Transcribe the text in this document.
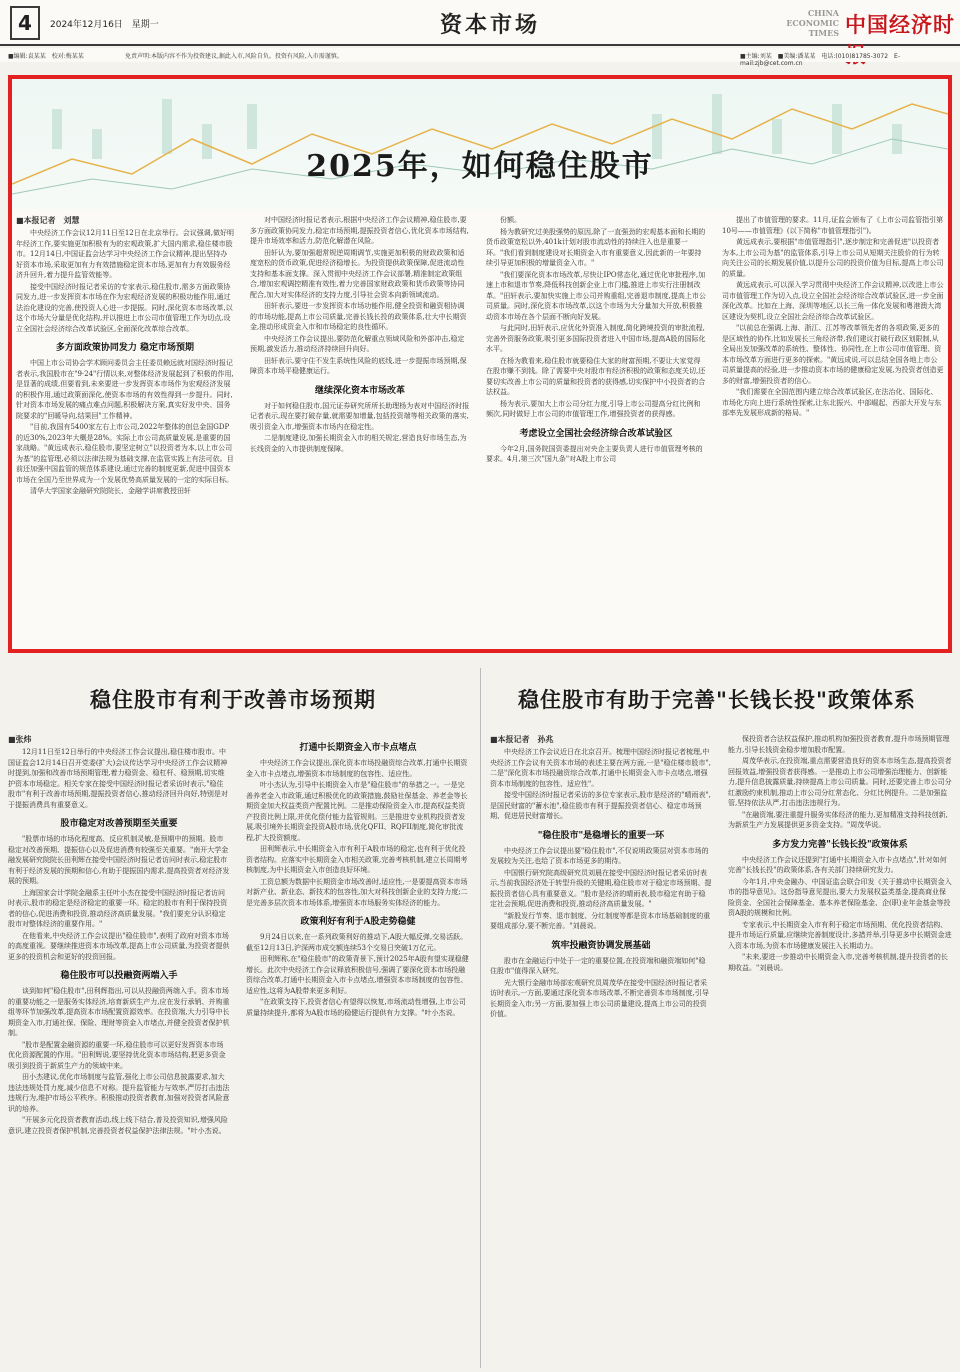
4	2024年12月16日　星期一	资本市场	CHINA ECONOMIC TIMES 中国经济时
■编辑:袁某某　校对:梅某某	免责声明:本版内容不作为投资建议,据此入市,风险自负。投资有风险,入市需谨慎。	■主编:刘某　■美编:潘某某　电话:(010)81785-3072　E-mail:zjb@cet.com.cn
2025年，如何稳住股市
■本报记者　刘慧

中央经济工作会议12月11日至12日在北京举行。会议强调,做好明年经济工作,要实施更加积极有为的宏观政策,扩大国内需求,稳住楼市股市。12月14日,中国证监会达学习中央经济工作会议精神,提出坚持办好资本市场,采取更加有力有效措施稳定资本市场,更加有力有效服务经济升回升,着力提升监管效能等。

接受中国经济时报记者采访的专家表示,稳住股市,需多方面政策协同发力,进一步发挥资本市场在作为宏观经济发展的积极功能作用,通过法治化建设的完善,使投资人心进一步提振。同时,深化资本市场改革,以这个市场大分量是优化结构,并以推进上市公司市值管理工作为切点,设立全国社会经济综合改革试验区,全面深化改革综合改革。

多方面政策协同发力 稳定市场预期

中国上市公司协会学术顾问委员会主任委员赖远就对国经济时报记者表示,我国股市在"9·24"行情以来,对整体经济发展起到了积极的作用,是显著的成绩,但要看到,未来要进一步发挥资本市场作为宏观经济发展的积极作用,通过政策面深化,使资本市场的有效性得到一步提升。同时,针对资本市场发展的痛点难点问题,积极解决方案,真实好发中央、国务院要求的"回暖导向,结果回"工作精神。

"目前,我国有5400家左右上市公司,2022年整体的创总金国GDP的近30%,2023年大概是28%。实际上市公司高质量发展,是重要的国家战略。"黄远成表示,稳住股市,要坚定树立"以投资者为本,以上市公司为基"的监管理,必须以法律法规为基础支撑,在监管实践上有法可依。目前还加强中国监管的规范体系建设,通过完善的制度更新,促进中国资本市场在全国乃至世界成为一个发展优势高质量发展的一定的实际目标。

清华大学国家金融研究院院长、金融学讲席教授田轩

对中国经济时报记者表示,根据中央经济工作会议精神,稳住股市,要多方面政策协同发力,稳定市场预期,提振投资者信心,优化资本市场结构,提升市场效率和活力,防范化解潜在风险。

田轩认为,要加强超常规逆周期调节,实施更加积极的财政政策和适度宽松的货币政策,促进经济稳增长。为投资提供政策保障,促进流动性支持和基本面支撑。深入贯彻中央经济工作会议部署,精准制定政策组合,增加宏观调控精准有效性,着力完善国家财政政策和货币政策等协同配合,加大对实体经济的支持力度,引导社会资本向新领域流动。

田轩表示,要进一步发挥资本市场功能作用,健全投资和融资相协调的市场功能,提高上市公司质量,完善长钱长投的政策体系,壮大中长期资金,推动形成资金入市和市场稳定的良性循环。

中央经济工作会议提出,要防范化解重点领域风险和外部冲击,稳定预期,激发活力,推动经济持续回升向好。

田轩表示,要守住不发生系统性风险的底线,进一步提振市场预期,保障资本市场平稳健康运行。

继续深化资本市场改革

对于如何稳住股市,国元证券研究所所长助理杨为表对中国经济时报记者表示,现在要打破存量,就需要加增量,包括投资端等相关政策的落实,吸引资金入市,增强资本市场内在稳定性。

二是制度建设,加强长期资金入市的相关规定,营造良好市场生态,为长线资金的入市提供制度保障。

份额。

杨为教研究过美股强势的原因,除了一直强劲的宏观基本面和长期的货币政策宽松以外,401k计划对股市流动性的持续注入也是重要一环。"我们看到制度建设对长期资金入市有重要意义,因此新的一年要持续引导更加积极的增量资金入市。"

"我们要深化资本市场改革,尽快让IPO常态化,通过优化审批程序,加速上市和退市节奏,降低科技创新企业上市门槛,推进上市实行注册制改革。"田轩表示,要加快实施上市公司并购重组,完善退市制度,提高上市公司质量。同时,深化资本市场改革,以这个市场为大分量加大开放,积极推动资本市场在各个层面不断向好发展。

与此同时,田轩表示,应优化外资准入制度,简化跨境投资的审批流程,完善外资服务政策,吸引更多国际投资者进入中国市场,提高A股的国际化水平。

在杨为教看来,稳住股市就要稳住大家的财富预期,不要让大家觉得在股市赚不到钱。除了需要中央对股市有经济积极的政策和态度关切,还要切实改善上市公司的质量和投资者的获得感,切实保护中小投资者的合法权益。

杨为表示,要加大上市公司分红力度,引导上市公司提高分红比例和频次,同时做好上市公司的市值管理工作,增强投资者的获得感。

考虑设立全国社会经济综合改革试验区

今年2月,国务院国资委提出对央企主要负责人进行市值管理考核的要求。4月,第三次"国九条"对A股上市公司

提出了市值管理的要求。11月,证监会颁布了《上市公司监管指引第10号——市值管理》(以下简称"市值管理指引")。

黄远成表示,要根据"市值管理指引",逐步制定和完善促进"以投资者为本,上市公司为基"的监管体系,引导上市公司从短期关注股价的行为转向关注公司的长期发展价值,以提升公司的投资价值为目标,提高上市公司的质量。

黄远成表示,可以深入学习贯彻中央经济工作会议精神,以改进上市公司市值管理工作为切入点,设立全国社会经济综合改革试验区,进一步全面深化改革。比如在上海、深圳等地区,以长三角一体化发展和粤港澳大湾区建设为契机,设立全国社会经济综合改革试验区。

"以前总在强调,上海、浙江、江苏等改革领先者的各项政策,更多的是区域性的协作,比如发展长三角经济带,我们建议打破行政区划限制,从全局出发加强改革的系统性、整体性、协同性,在上市公司市值管理、资本市场改革方面进行更多的探索。"黄远成说,可以总结全国各地上市公司质量提高的经验,进一步推动资本市场的健康稳定发展,为投资者创造更多的财富,增强投资者的信心。

"我们需要在全国范围内建立综合改革试验区,在法治化、国际化、市场化方向上进行系统性探索,让东北振兴、中部崛起、西部大开发与东部率先发展形成新的格局。"

稳住股市有利于改善市场预期
■张炜

12月11日至12日举行的中央经济工作会议提出,稳住楼市股市。中国证监会12月14日召开党委(扩大)会议传达学习中央经济工作会议精神时提到,加强和改善市场预期管理,着力稳资金、稳杠杆、稳预期,切实维护资本市场稳定。相关专家在接受中国经济时报记者采访时表示,"稳住股市"有利于改善市场预期,提振投资者信心,推动经济回升向好,特别是对于提振消费具有重要意义。

股市稳定对改善预期至关重要

"股票市场的市场化程度高、反应机制灵敏,是预期中的预期。股市稳定对改善预期、提振信心以及促进消费有较强至关重要。"南开大学金融发展研究院院长田利辉在接受中国经济时报记者访问时表示,稳定股市有利于经济发展的预期和信心,有助于提振国内需求,提高投资者对经济发展的预期。

上海国家会计学院金融系主任叶小杰在接受中国经济时报记者访问时表示,股市的稳定是经济稳定的重要一环。稳定的股市有利于保持投资者的信心,促进消费和投资,推动经济高质量发展。"我们要充分认识稳定股市对整体经济的重要作用。"

在他看来,中央经济工作会议提出"稳住股市",表明了政府对资本市场的高度重视。要继续推进资本市场改革,提高上市公司质量,为投资者提供更多的投资机会和更好的投资回报。

稳住股市可以投融资两端入手

谈到如何"稳住股市",田利辉指出,可以从投融资两端入手。资本市场的重要功能之一是服务实体经济,培育新质生产力,应在发行承销、并购重组等环节加强改革,提高资本市场配置资源效率。在投资端,大力引导中长期资金入市,打通社保、保险、理财等资金入市堵点,并健全投资者保护机制。

"股市是配置金融资源的重要一环,稳住股市可以更好发挥资本市场优化资源配置的作用。"田利辉说,要坚持优化资本市场结构,把更多资金吸引到投资于新质生产力的领域中来。

田小杰建议,优化市场制度与监管,强化上市公司信息披露要求,加大违法违规处罚力度,减少信息不对称。提升监管能力与效率,严厉打击违法违规行为,维护市场公平秩序。积极推动投资者教育,加强对投资者风险意识的培养。

"开展多元化投资者教育活动,线上线下结合,普及投资知识,增强风险意识,建立投资者保护机制,完善投资者权益保护法律法规。"叶小杰说。

打通中长期资金入市卡点堵点

中央经济工作会议提出,深化资本市场投融资综合改革,打通中长期资金入市卡点堵点,增强资本市场制度的包容性、适应性。

叶小杰认为,引导中长期资金入市是"稳住股市"的举措之一。一是完善养老金入市政策,通过积极优化的政策措施,鼓励社保基金、养老金等长期资金加大权益类资产配置比例。二是推动保险资金入市,提高权益类资产投资比例上限,并优化偿付能力监管规则。三是推进专业机构投资者发展,吸引境外长期资金投资A股市场,优化QFII、RQFII制度,简化审批流程,扩大投资额度。

田利辉表示,中长期资金入市有利于A股市场的稳定,也有利于优化投资者结构。应落实中长期资金入市相关政策,完善考核机制,建立长周期考核制度,为中长期资金入市创造良好环境。

工资总额为数据中长期资金市场改善时,适应性,一是要提高资本市场对新产业、新业态、新技术的包容性,加大对科技创新企业的支持力度;二是完善多层次资本市场体系,增强资本市场服务实体经济的能力。

政策利好有利于A股走势稳健

9月24日以来,在一系列政策利好的推动下,A股大幅反弹,交易活跃。截至12月13日,沪深两市成交额连续53个交易日突破1万亿元。

田利辉称,在"稳住股市"的政策背景下,预计2025年A股有望实现稳健增长。此次中央经济工作会议释放积极信号,强调了要深化资本市场投融资综合改革,打通中长期资金入市卡点堵点,增强资本市场制度的包容性、适应性,这将为A股带来更多利好。

"在政策支持下,投资者信心有望得以恢复,市场流动性增强,上市公司质量持续提升,都将为A股市场的稳健运行提供有力支撑。"叶小杰说。

稳住股市有助于完善"长钱长投"政策体系
■本报记者　孙兆

中央经济工作会议近日在北京召开。梳理中国经济时报记者梳理,中央经济工作会议有关资本市场的表述主要在两方面,一是"稳住楼市股市",二是"深化资本市场投融资综合改革,打通中长期资金入市卡点堵点,增强资本市场制度的包容性、适应性"。

接受中国经济时报记者采访的多位专家表示,股市是经济的"晴雨表",是国民财富的"蓄水池",稳住股市有利于提振投资者信心、稳定市场预期、促进居民财富增长。

"稳住股市"是稳增长的重要一环

中央经济工作会议提出要"稳住股市",不仅说明政策层对资本市场的发展较为关注,也给了资本市场更多的期待。

中国银行研究院高级研究员刘晨在接受中国经济时报记者采访时表示,当前我国经济处于转型升级的关键期,稳住股市对于稳定市场预期、提振投资者信心具有重要意义。"股市是经济的晴雨表,股市稳定有助于稳定社会预期,促进消费和投资,推动经济高质量发展。"

"新股发行节奏、退市制度、分红制度等都是资本市场基础制度的重要组成部分,要不断完善。"刘晨说。

筑牢投融资协调发展基础

股市在金融运行中处于一定的重要位置,在投资端和融资端如何"稳住股市"值得深入研究。

光大银行金融市场部宏观研究员周茂华在接受中国经济时报记者采访时表示,一方面,要通过深化资本市场改革,不断完善资本市场制度,引导长期资金入市;另一方面,要加强上市公司质量建设,提高上市公司的投资价值。

保投资者合法权益保护,推动机构加强投资者教育,提升市场预期管理能力,引导长钱资金稳步增加股市配置。

周茂华表示,在投资端,重点需要营造良好的资本市场生态,提高投资者回报效益,增强投资者获得感。一是推动上市公司增强治理能力、创新能力,提升信息披露质量,持续提高上市公司质量。同时,还要完善上市公司分红激励约束机制,推动上市公司分红常态化、分红比例提升。二是加强监管,坚持依法从严,打击违法违规行为。

"在融资端,要注重提升服务实体经济的能力,更加精准支持科技创新,为新质生产力发展提供更多资金支持。"周茂华说。

多方发力完善"长钱长投"政策体系

中央经济工作会议还提到"打通中长期资金入市卡点堵点",针对如何完善"长钱长投"的政策体系,各有关部门持续研究发力。

今年1月,中央金融办、中国证监会联合印发《关于推动中长期资金入市的指导意见》。这份指导意见提出,要大力发展权益类基金,提高商业保险资金、全国社会保障基金、基本养老保险基金、企(职)业年金基金等投资A股的规模和比例。

专家表示,中长期资金入市有利于稳定市场预期、优化投资者结构、提升市场运行质量,应继续完善制度设计,多措并举,引导更多中长期资金进入资本市场,为资本市场健康发展注入长期动力。

"未来,要进一步推动中长期资金入市,完善考核机制,提升投资者的长期收益。"刘晨说。
